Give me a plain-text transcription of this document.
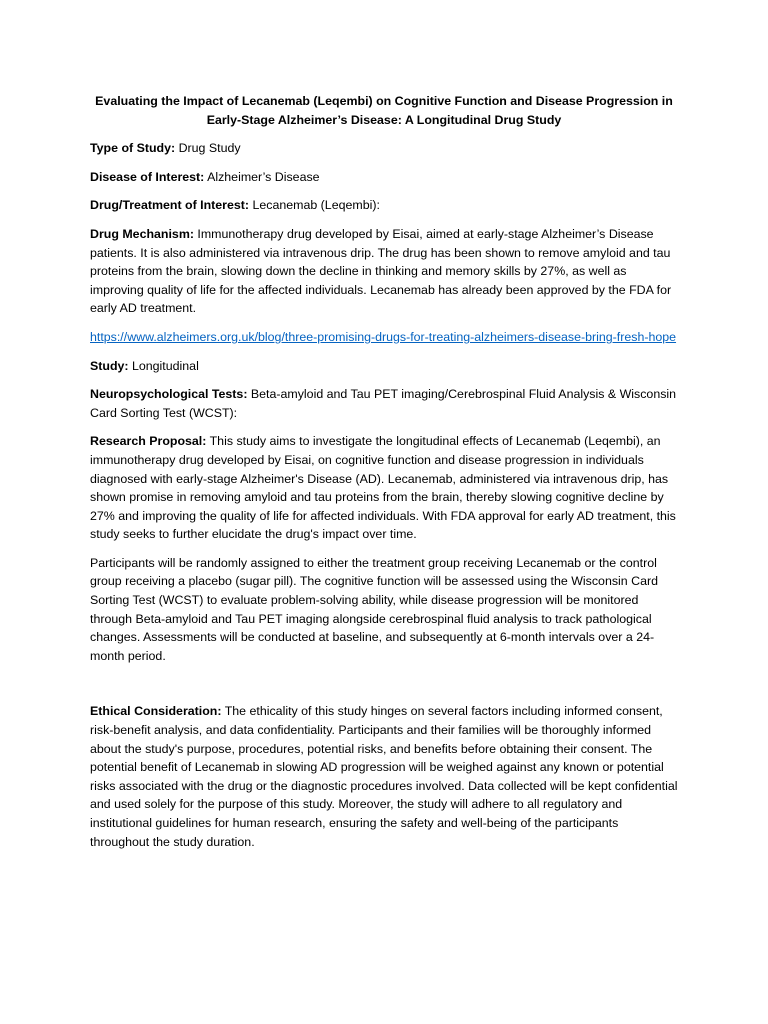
Evaluating the Impact of Lecanemab (Leqembi) on Cognitive Function and Disease Progression in Early-Stage Alzheimer’s Disease: A Longitudinal Drug Study

Type of Study: Drug Study

Disease of Interest: Alzheimer’s Disease

Drug/Treatment of Interest: Lecanemab (Leqembi):

Drug Mechanism: Immunotherapy drug developed by Eisai, aimed at early-stage Alzheimer’s Disease patients. It is also administered via intravenous drip. The drug has been shown to remove amyloid and tau proteins from the brain, slowing down the decline in thinking and memory skills by 27%, as well as improving quality of life for the affected individuals. Lecanemab has already been approved by the FDA for early AD treatment.

https://www.alzheimers.org.uk/blog/three-promising-drugs-for-treating-alzheimers-disease-bring-fresh-hope

Study: Longitudinal

Neuropsychological Tests: Beta-amyloid and Tau PET imaging/Cerebrospinal Fluid Analysis & Wisconsin Card Sorting Test (WCST):

Research Proposal: This study aims to investigate the longitudinal effects of Lecanemab (Leqembi), an immunotherapy drug developed by Eisai, on cognitive function and disease progression in individuals diagnosed with early-stage Alzheimer's Disease (AD). Lecanemab, administered via intravenous drip, has shown promise in removing amyloid and tau proteins from the brain, thereby slowing cognitive decline by 27% and improving the quality of life for affected individuals. With FDA approval for early AD treatment, this study seeks to further elucidate the drug's impact over time.

Participants will be randomly assigned to either the treatment group receiving Lecanemab or the control group receiving a placebo (sugar pill). The cognitive function will be assessed using the Wisconsin Card Sorting Test (WCST) to evaluate problem-solving ability, while disease progression will be monitored through Beta-amyloid and Tau PET imaging alongside cerebrospinal fluid analysis to track pathological changes. Assessments will be conducted at baseline, and subsequently at 6-month intervals over a 24-month period.

Ethical Consideration: The ethicality of this study hinges on several factors including informed consent, risk-benefit analysis, and data confidentiality. Participants and their families will be thoroughly informed about the study's purpose, procedures, potential risks, and benefits before obtaining their consent. The potential benefit of Lecanemab in slowing AD progression will be weighed against any known or potential risks associated with the drug or the diagnostic procedures involved. Data collected will be kept confidential and used solely for the purpose of this study. Moreover, the study will adhere to all regulatory and institutional guidelines for human research, ensuring the safety and well-being of the participants throughout the study duration.
